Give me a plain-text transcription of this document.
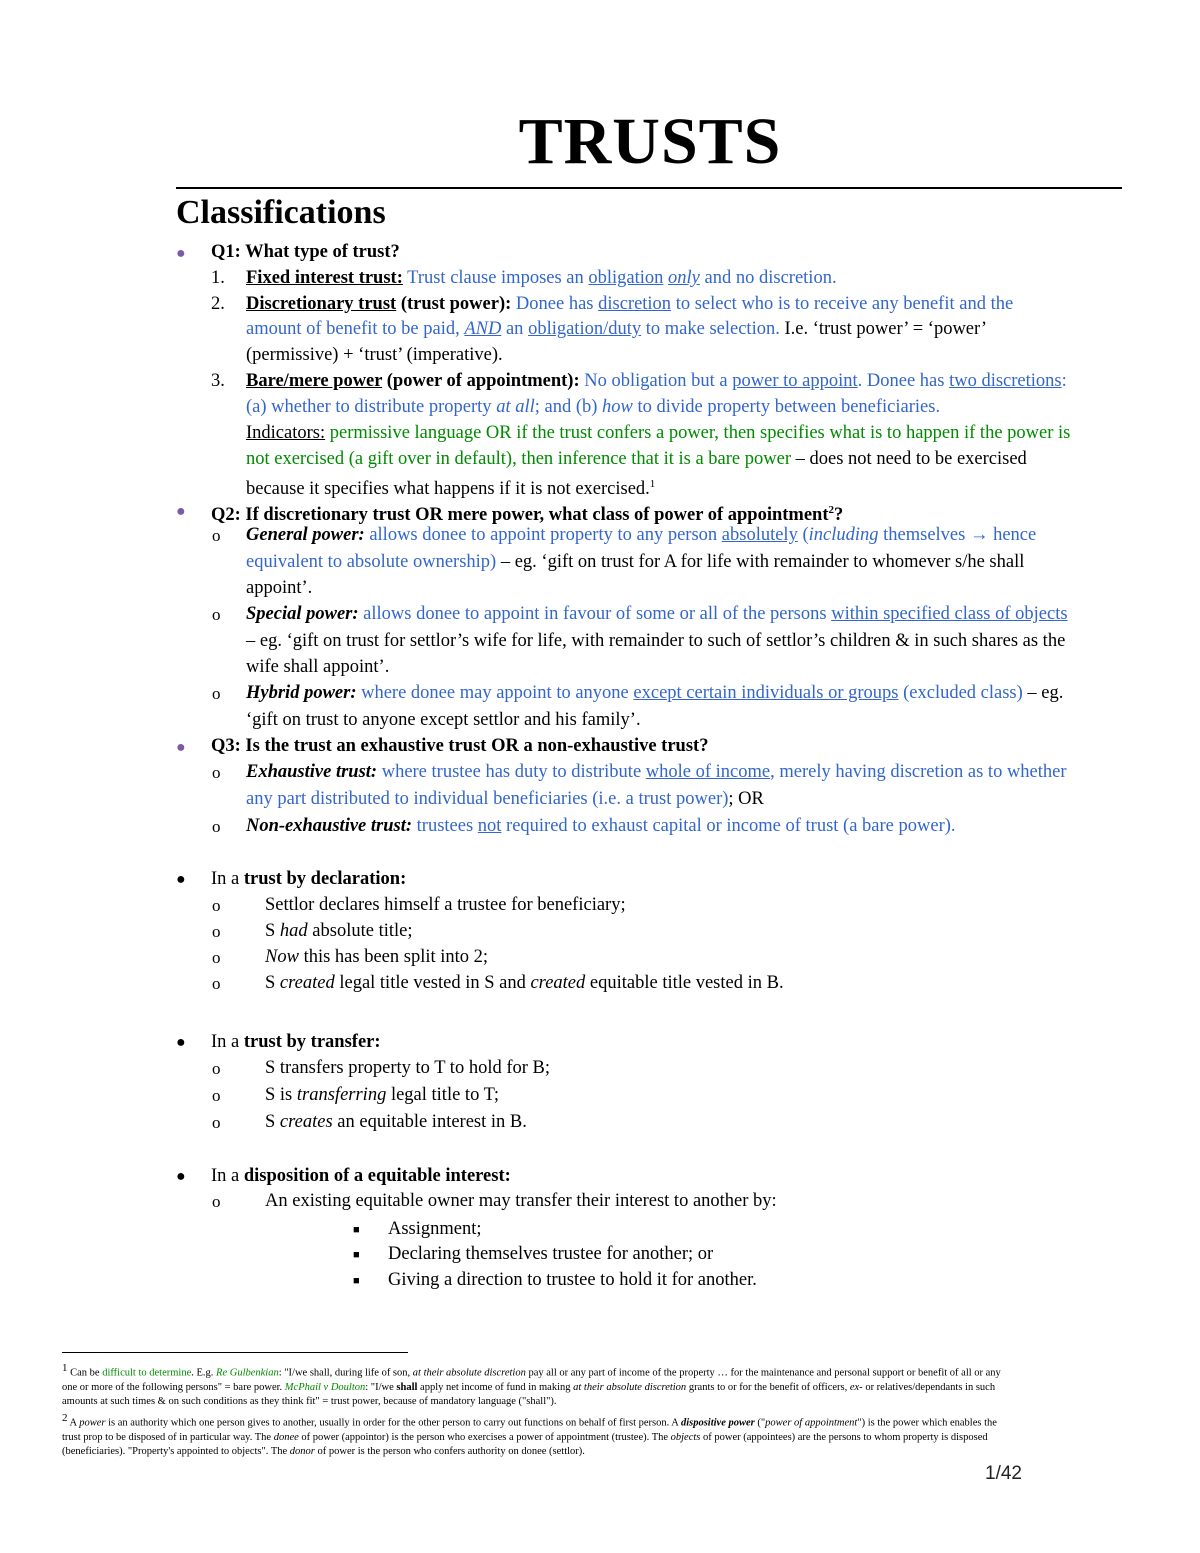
TRUSTS
Classifications
● Q1: What type of trust?
1. Fixed interest trust: Trust clause imposes an obligation only and no discretion.
2. Discretionary trust (trust power): Donee has discretion to select who is to receive any benefit and the
amount of benefit to be paid, AND an obligation/duty to make selection. I.e. ‘trust power’ = ‘power’
(permissive) + ‘trust’ (imperative).
3. Bare/mere power (power of appointment): No obligation but a power to appoint. Donee has two discretions:
(a) whether to distribute property at all; and (b) how to divide property between beneficiaries.
Indicators: permissive language OR if the trust confers a power, then specifies what is to happen if the power is
not exercised (a gift over in default), then inference that it is a bare power – does not need to be exercised
because it specifies what happens if it is not exercised.$^1$
● Q2: If discretionary trust OR mere power, what class of power of appointment$^2$?
o General power: allows donee to appoint property to any person absolutely (including themselves → hence
equivalent to absolute ownership) – eg. ‘gift on trust for A for life with remainder to whomever s/he shall
appoint’.
o Special power: allows donee to appoint in favour of some or all of the persons within specified class of objects
– eg. ‘gift on trust for settlor’s wife for life, with remainder to such of settlor’s children & in such shares as the
wife shall appoint’.
o Hybrid power: where donee may appoint to anyone except certain individuals or groups (excluded class) – eg.
‘gift on trust to anyone except settlor and his family’.
● Q3: Is the trust an exhaustive trust OR a non-exhaustive trust?
o Exhaustive trust: where trustee has duty to distribute whole of income, merely having discretion as to whether
any part distributed to individual beneficiaries (i.e. a trust power); OR
o Non-exhaustive trust: trustees not required to exhaust capital or income of trust (a bare power).
● In a trust by declaration:
o Settlor declares himself a trustee for beneficiary;
o S had absolute title;
o Now this has been split into 2;
o S created legal title vested in S and created equitable title vested in B.
● In a trust by transfer:
o S transfers property to T to hold for B;
o S is transferring legal title to T;
o S creates an equitable interest in B.
● In a disposition of a equitable interest:
o An existing equitable owner may transfer their interest to another by:
■ Assignment;
■ Declaring themselves trustee for another; or
■ Giving a direction to trustee to hold it for another.
$^1$ Can be difficult to determine. E.g. Re Gulbenkian: "I/we shall, during life of son, at their absolute discretion pay all or any part of income of the property … for the maintenance and personal support or benefit of all or any
one or more of the following persons" = bare power. McPhail v Doulton: "I/we shall apply net income of fund in making at their absolute discretion grants to or for the benefit of officers, ex- or relatives/dependants in such
amounts at such times & on such conditions as they think fit" = trust power, because of mandatory language ("shall").
$^2$ A power is an authority which one person gives to another, usually in order for the other person to carry out functions on behalf of first person. A dispositive power ("power of appointment") is the power which enables the
trust prop to be disposed of in particular way. The donee of power (appointor) is the person who exercises a power of appointment (trustee). The objects of power (appointees) are the persons to whom property is disposed
(beneficiaries). "Property's appointed to objects". The donor of power is the person who confers authority on donee (settlor).
1/42
